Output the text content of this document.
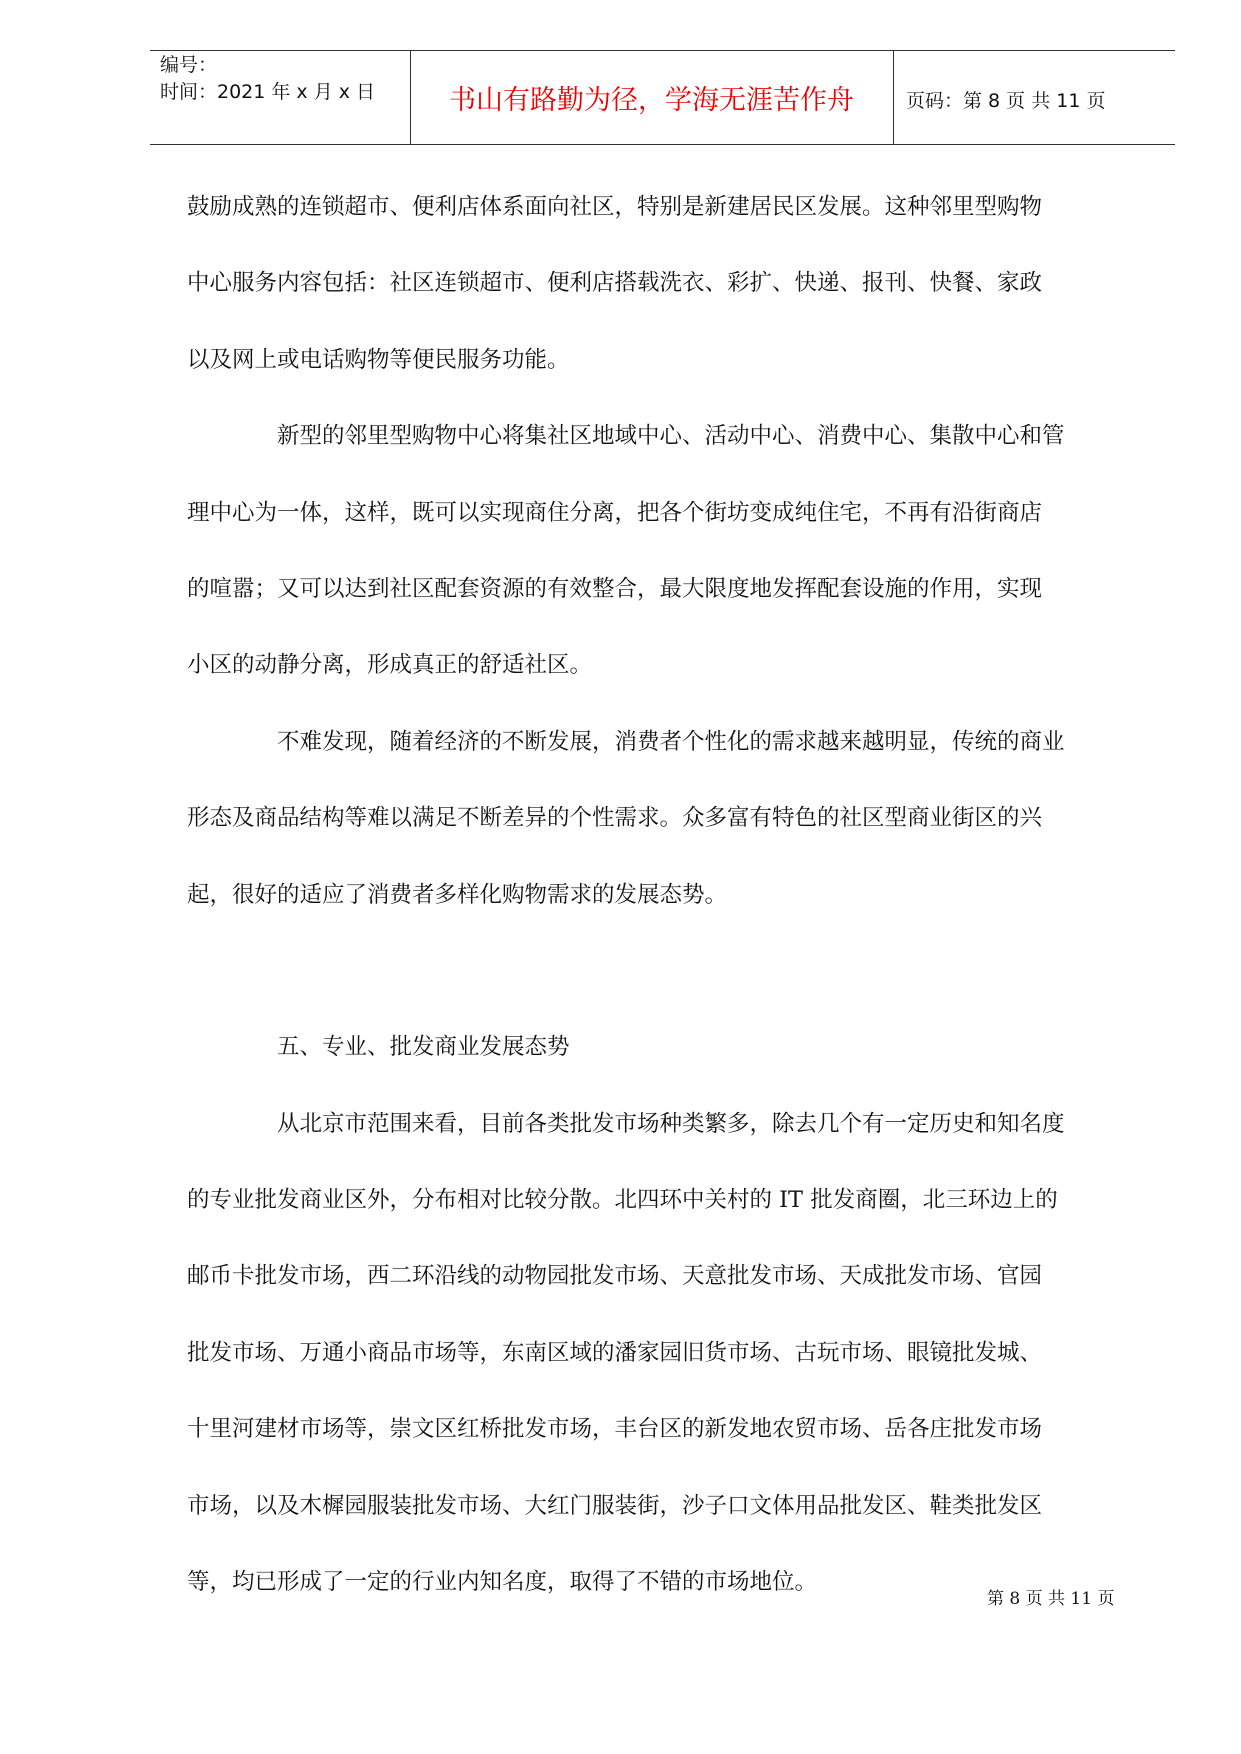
编号：
时间：2021 年 x 月 x 日	书山有路勤为径，学海无涯苦作舟	页码：第 8 页 共 11 页
鼓励成熟的连锁超市、便利店体系面向社区，特别是新建居民区发展。这种邻里型购物
中心服务内容包括：社区连锁超市、便利店搭载洗衣、彩扩、快递、报刊、快餐、家政
以及网上或电话购物等便民服务功能。
新型的邻里型购物中心将集社区地域中心、活动中心、消费中心、集散中心和管
理中心为一体，这样，既可以实现商住分离，把各个街坊变成纯住宅，不再有沿街商店
的喧嚣；又可以达到社区配套资源的有效整合，最大限度地发挥配套设施的作用，实现
小区的动静分离，形成真正的舒适社区。
不难发现，随着经济的不断发展，消费者个性化的需求越来越明显，传统的商业
形态及商品结构等难以满足不断差异的个性需求。众多富有特色的社区型商业街区的兴
起，很好的适应了消费者多样化购物需求的发展态势。
五、专业、批发商业发展态势
从北京市范围来看，目前各类批发市场种类繁多，除去几个有一定历史和知名度
的专业批发商业区外，分布相对比较分散。北四环中关村的 IT 批发商圈，北三环边上的
邮币卡批发市场，西二环沿线的动物园批发市场、天意批发市场、天成批发市场、官园
批发市场、万通小商品市场等，东南区域的潘家园旧货市场、古玩市场、眼镜批发城、
十里河建材市场等，崇文区红桥批发市场，丰台区的新发地农贸市场、岳各庄批发市场
市场，以及木樨园服装批发市场、大红门服装街，沙子口文体用品批发区、鞋类批发区
等，均已形成了一定的行业内知名度，取得了不错的市场地位。
第 8 页 共 11 页
